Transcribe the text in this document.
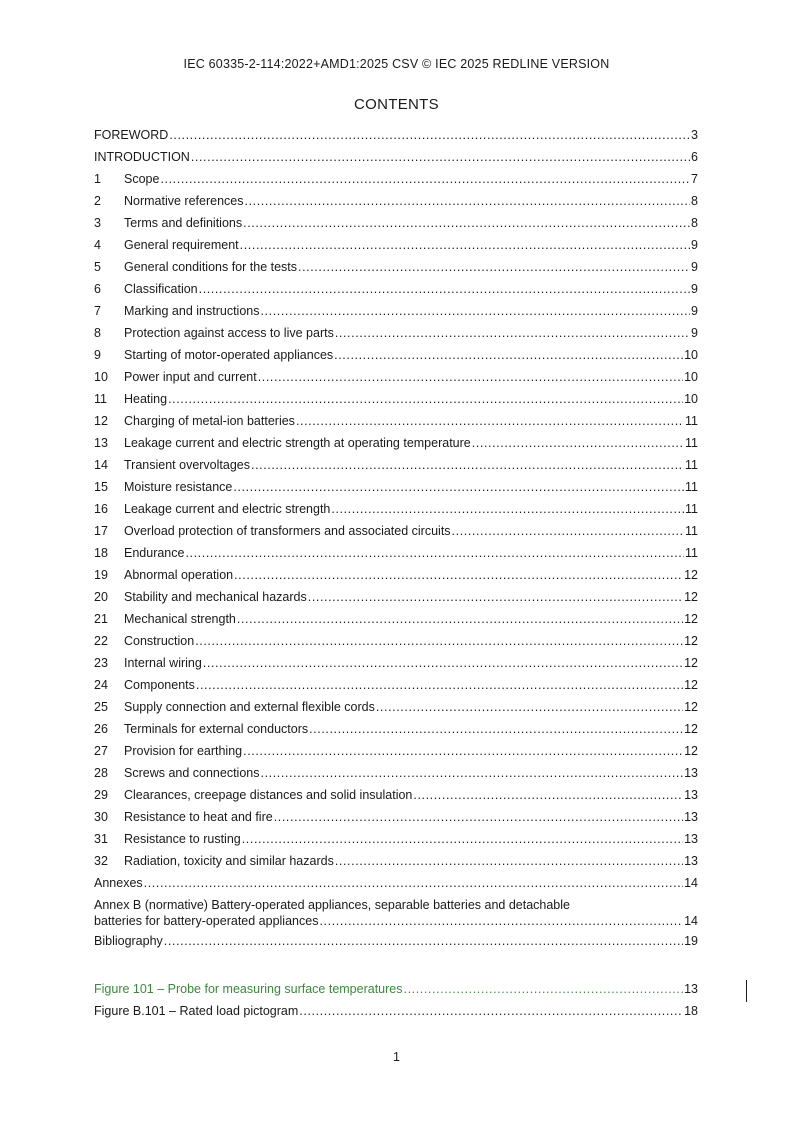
IEC 60335-2-114:2022+AMD1:2025 CSV © IEC 2025 REDLINE VERSION
CONTENTS
FOREWORD .....	3
INTRODUCTION .....	6
1	Scope .....	7
2	Normative references .....	8
3	Terms and definitions .....	8
4	General requirement .....	9
5	General conditions for the tests .....	9
6	Classification .....	9
7	Marking and instructions .....	9
8	Protection against access to live parts .....	9
9	Starting of motor-operated appliances .....	10
10	Power input and current .....	10
11	Heating .....	10
12	Charging of metal-ion batteries .....	11
13	Leakage current and electric strength at operating temperature .....	11
14	Transient overvoltages .....	11
15	Moisture resistance .....	11
16	Leakage current and electric strength .....	11
17	Overload protection of transformers and associated circuits .....	11
18	Endurance .....	11
19	Abnormal operation .....	12
20	Stability and mechanical hazards .....	12
21	Mechanical strength .....	12
22	Construction .....	12
23	Internal wiring .....	12
24	Components .....	12
25	Supply connection and external flexible cords .....	12
26	Terminals for external conductors .....	12
27	Provision for earthing .....	12
28	Screws and connections .....	13
29	Clearances, creepage distances and solid insulation .....	13
30	Resistance to heat and fire .....	13
31	Resistance to rusting .....	13
32	Radiation, toxicity and similar hazards .....	13
Annexes .....	14
Annex B (normative) Battery-operated appliances, separable batteries and detachable
batteries for battery-operated appliances .....	14
Bibliography .....	19
Figure 101 – Probe for measuring surface temperatures .....	13
Figure B.101 – Rated load pictogram .....	18
1
